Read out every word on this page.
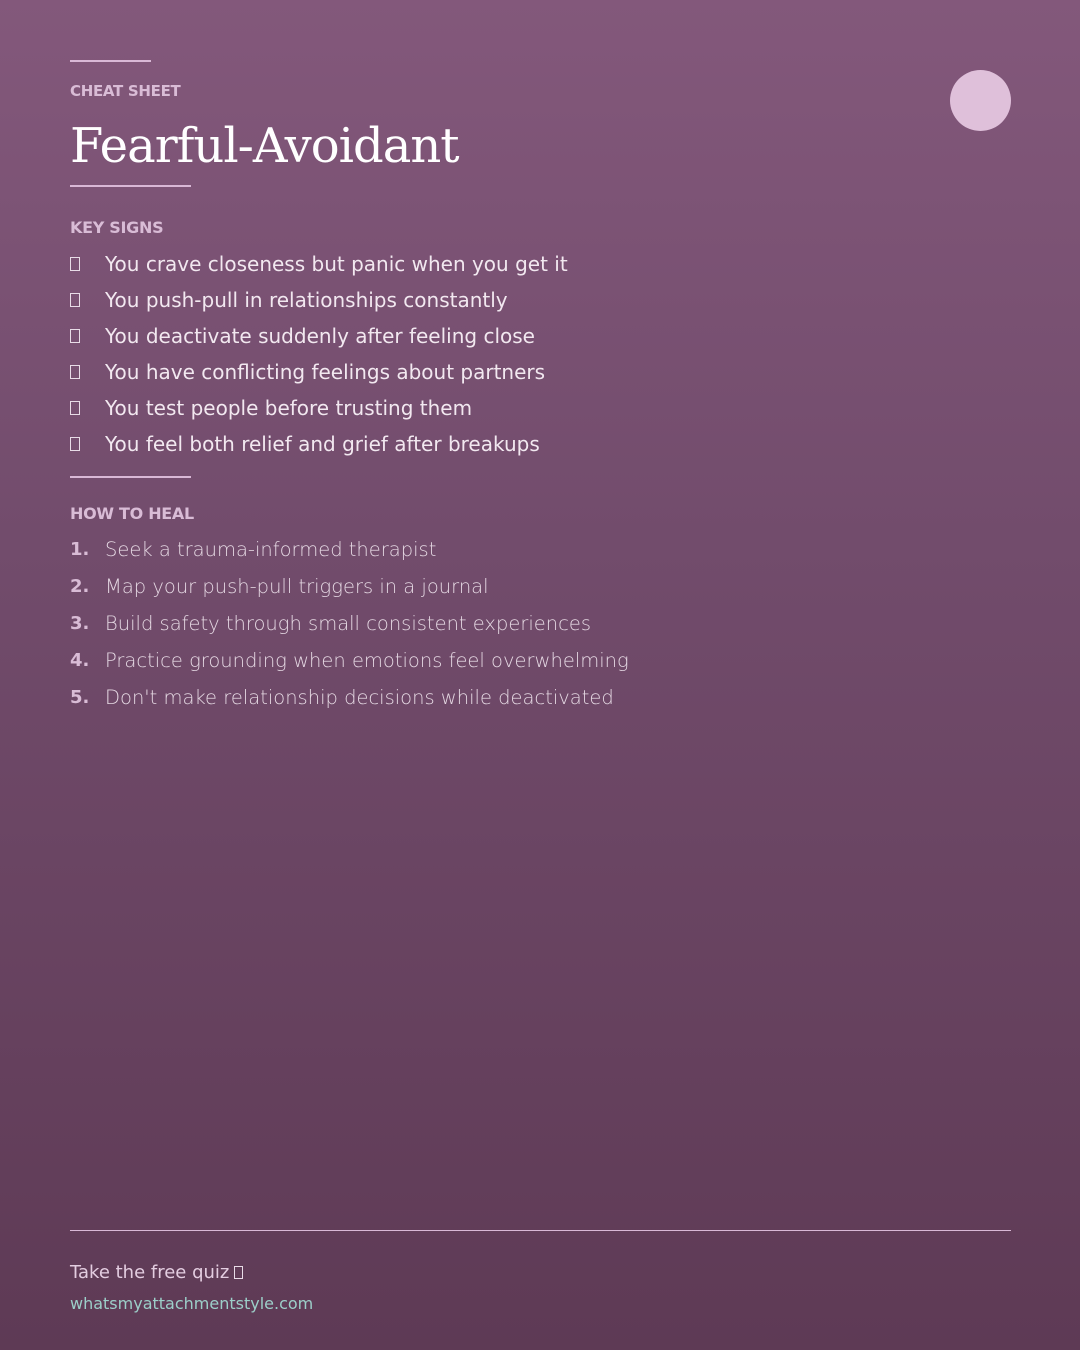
CHEAT SHEET
Fearful-Avoidant
KEY SIGNS
You crave closeness but panic when you get it
You push-pull in relationships constantly
You deactivate suddenly after feeling close
You have conflicting feelings about partners
You test people before trusting them
You feel both relief and grief after breakups
HOW TO HEAL
1. Seek a trauma-informed therapist
2. Map your push-pull triggers in a journal
3. Build safety through small consistent experiences
4. Practice grounding when emotions feel overwhelming
5. Don't make relationship decisions while deactivated
Take the free quiz
whatsmyattachmentstyle.com
